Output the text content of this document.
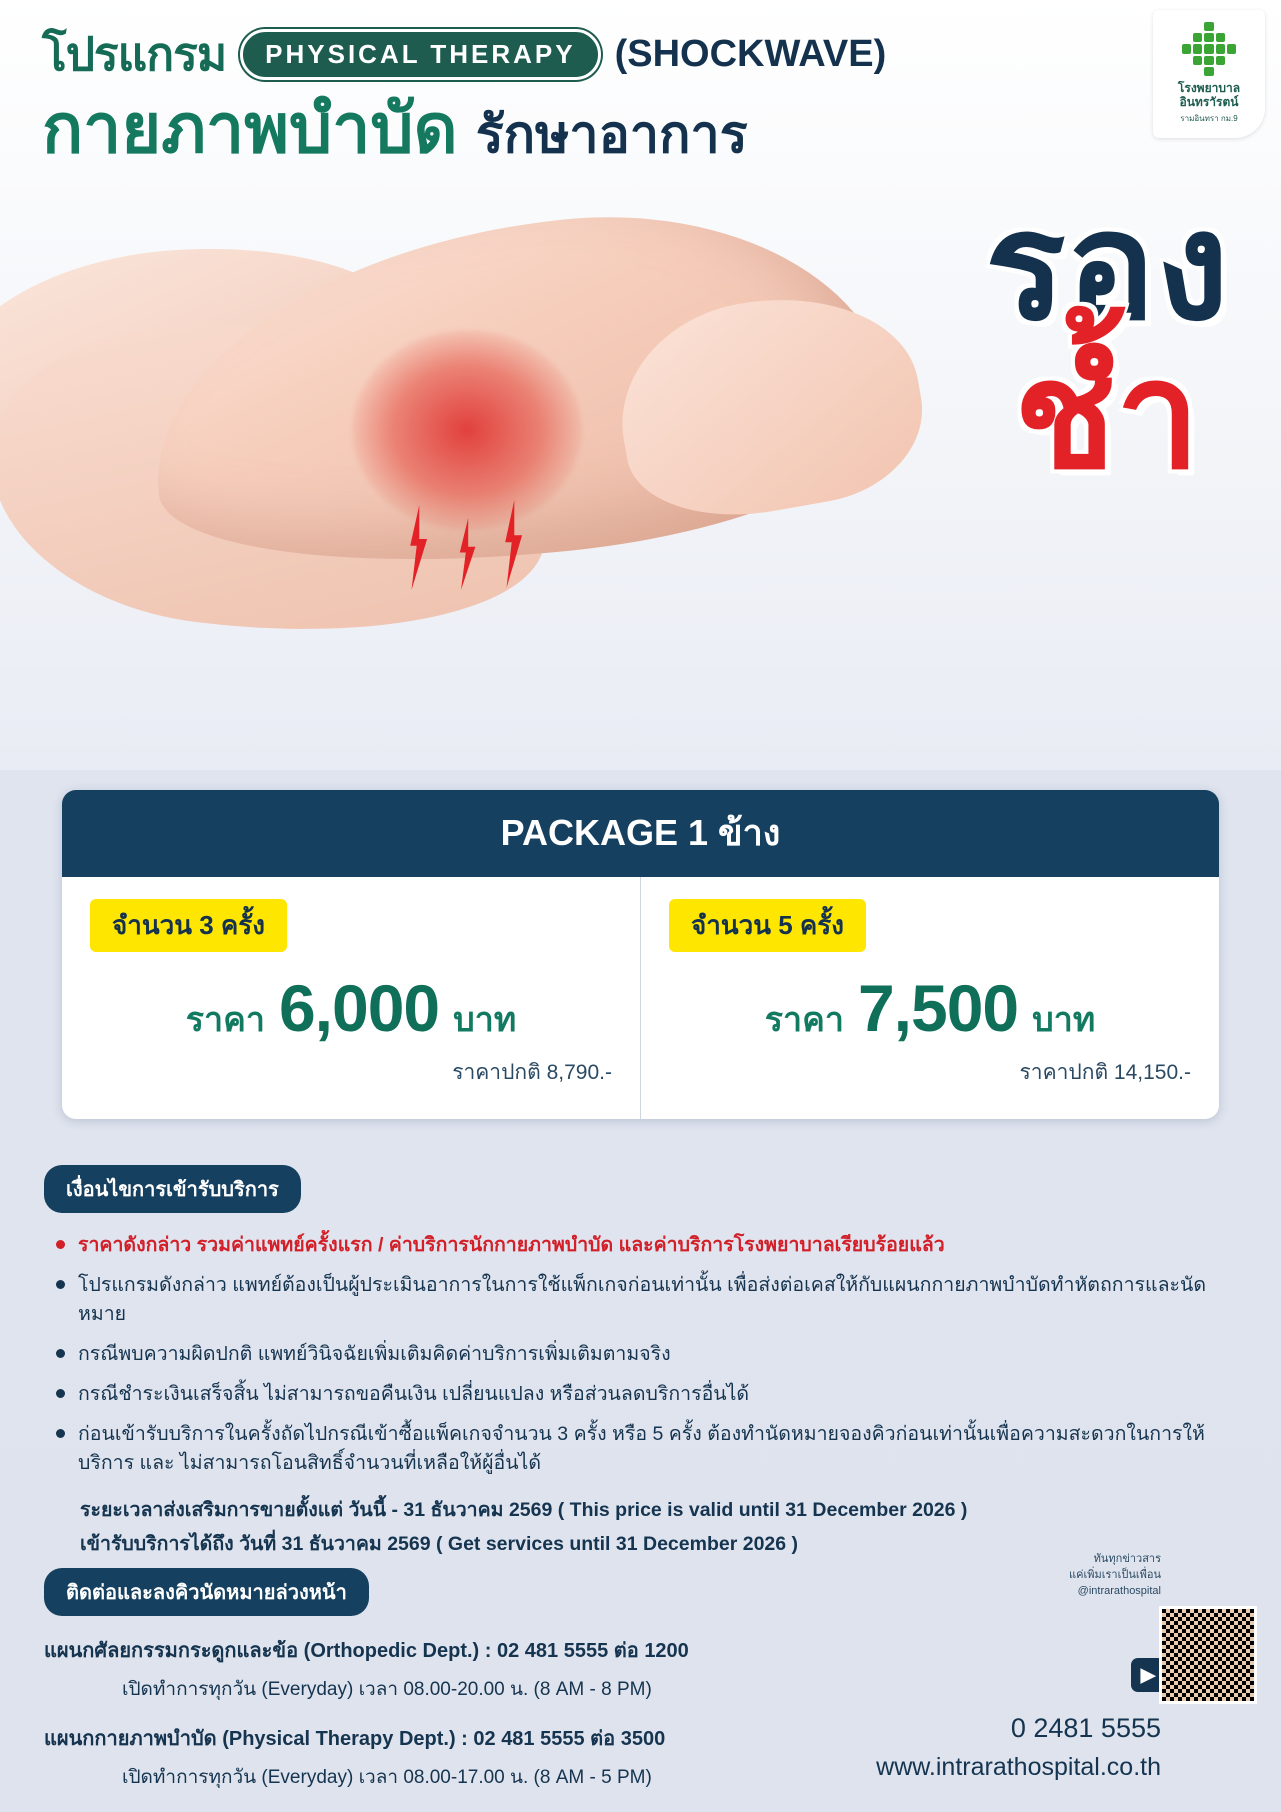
โปรแกรม	PHYSICAL THERAPY	(SHOCKWAVE)
กายภาพบำบัด รักษาอาการ
รอง
ช้ำ
โรงพยาบาล
อินทราัรตน์
รามอินทรา กม.9
PACKAGE 1 ข้าง
จำนวน 3 ครั้ง
ราคา 6,000 บาท
ราคาปกติ 8,790.-
จำนวน 5 ครั้ง
ราคา 7,500 บาท
ราคาปกติ 14,150.-
เงื่อนไขการเข้ารับบริการ
ราคาดังกล่าว รวมค่าแพทย์ครั้งแรก / ค่าบริการนักกายภาพบำบัด และค่าบริการโรงพยาบาลเรียบร้อยแล้ว
โปรแกรมดังกล่าว แพทย์ต้องเป็นผู้ประเมินอาการในการใช้แพ็กเกจก่อนเท่านั้น เพื่อส่งต่อเคสให้กับแผนกกายภาพบำบัดทำหัตถการและนัดหมาย
กรณีพบความผิดปกติ แพทย์วินิจฉัยเพิ่มเติมคิดค่าบริการเพิ่มเติมตามจริง
กรณีชำระเงินเสร็จสิ้น ไม่สามารถขอคืนเงิน เปลี่ยนแปลง หรือส่วนลดบริการอื่นได้
ก่อนเข้ารับบริการในครั้งถัดไปกรณีเข้าซื้อแพ็คเกจจำนวน 3 ครั้ง หรือ 5 ครั้ง ต้องทำนัดหมายจองคิวก่อนเท่านั้นเพื่อความสะดวกในการให้บริการ และ ไม่สามารถโอนสิทธิ์จำนวนที่เหลือให้ผู้อื่นได้
ระยะเวลาส่งเสริมการขายตั้งแต่ วันนี้ - 31 ธันวาคม 2569 ( This price is valid until 31 December 2026 )
เข้ารับบริการได้ถึง วันที่ 31 ธันวาคม 2569 ( Get services until 31 December 2026 )
ติดต่อและลงคิวนัดหมายล่วงหน้า
แผนกศัลยกรรมกระดูกและข้อ (Orthopedic Dept.) : 02 481 5555 ต่อ 1200
เปิดทำการทุกวัน (Everyday) เวลา 08.00-20.00 น. (8 AM - 8 PM)
แผนกกายภาพบำบัด (Physical Therapy Dept.) : 02 481 5555 ต่อ 3500
เปิดทำการทุกวัน (Everyday) เวลา 08.00-17.00 น. (8 AM - 5 PM)
ทันทุกข่าวสาร
แค่เพิ่มเราเป็นเพื่อน
@intrarathospital
▶
0 2481 5555
www.intrarathospital.co.th
